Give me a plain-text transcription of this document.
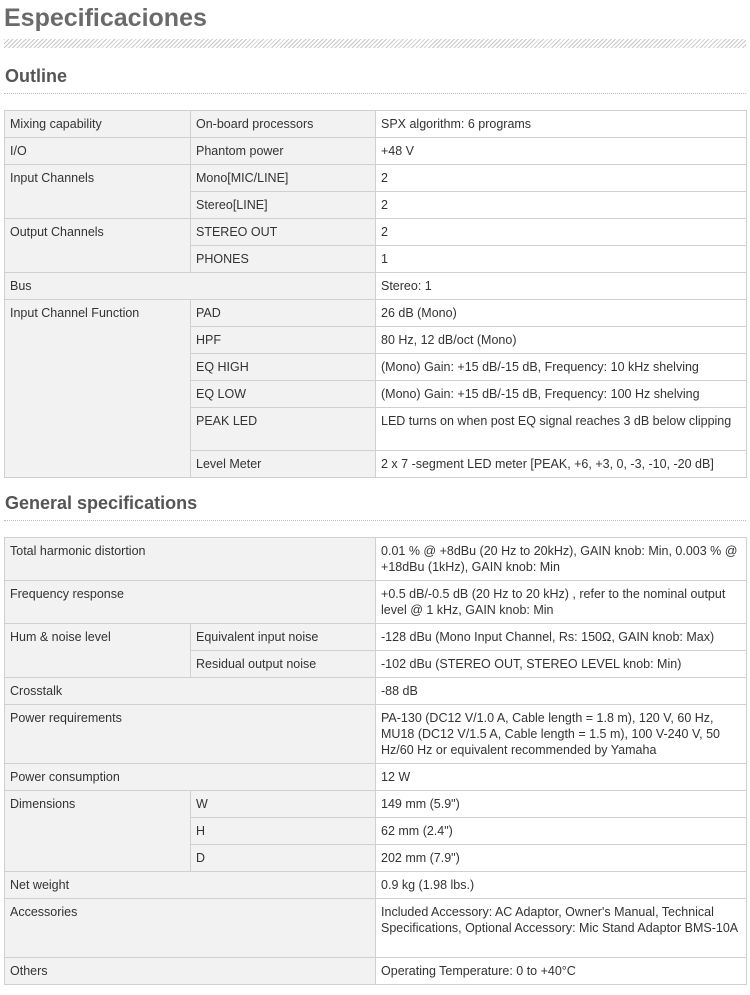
Especificaciones
Outline
Mixing capability	On-board processors	SPX algorithm: 6 programs
I/O	Phantom power	+48 V
Input Channels	Mono[MIC/LINE]	2
	Stereo[LINE]	2
Output Channels	STEREO OUT	2
	PHONES	1
Bus		Stereo: 1
Input Channel Function	PAD	26 dB (Mono)
	HPF	80 Hz, 12 dB/oct (Mono)
	EQ HIGH	(Mono) Gain: +15 dB/-15 dB, Frequency: 10 kHz shelving
	EQ LOW	(Mono) Gain: +15 dB/-15 dB, Frequency: 100 Hz shelving
	PEAK LED	LED turns on when post EQ signal reaches 3 dB below clipping
	Level Meter	2 x 7 -segment LED meter [PEAK, +6, +3, 0, -3, -10, -20 dB]
General specifications
Total harmonic distortion		0.01 % @ +8dBu (20 Hz to 20kHz), GAIN knob: Min, 0.003 % @ +18dBu (1kHz), GAIN knob: Min
Frequency response		+0.5 dB/-0.5 dB (20 Hz to 20 kHz) , refer to the nominal output level @ 1 kHz, GAIN knob: Min
Hum & noise level	Equivalent input noise	-128 dBu (Mono Input Channel, Rs: 150Ω, GAIN knob: Max)
	Residual output noise	-102 dBu (STEREO OUT, STEREO LEVEL knob: Min)
Crosstalk		-88 dB
Power requirements		PA-130 (DC12 V/1.0 A, Cable length = 1.8 m), 120 V, 60 Hz, MU18 (DC12 V/1.5 A, Cable length = 1.5 m), 100 V-240 V, 50 Hz/60 Hz or equivalent recommended by Yamaha
Power consumption		12 W
Dimensions	W	149 mm (5.9")
	H	62 mm (2.4")
	D	202 mm (7.9")
Net weight		0.9 kg (1.98 lbs.)
Accessories		Included Accessory: AC Adaptor, Owner's Manual, Technical Specifications, Optional Accessory: Mic Stand Adaptor BMS-10A
Others		Operating Temperature: 0 to +40°C
